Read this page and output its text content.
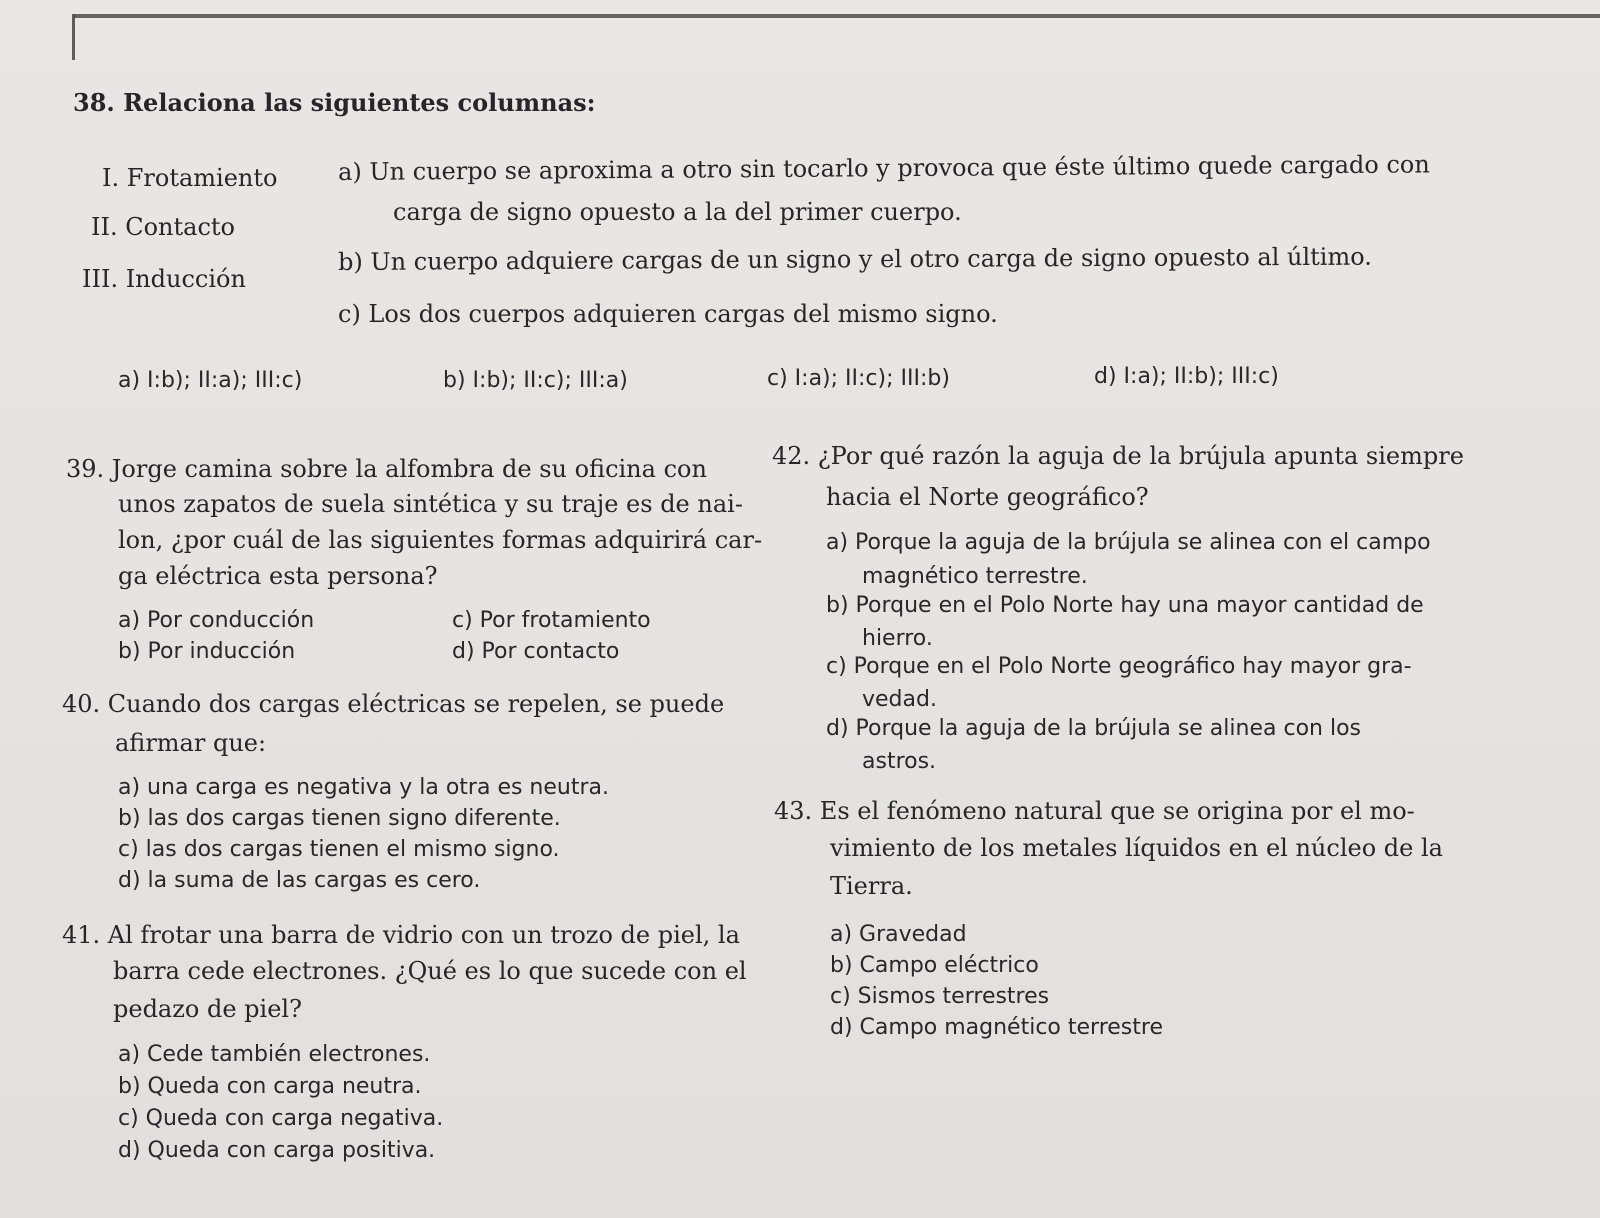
38. Relaciona las siguientes columnas:

I. Frotamiento

II. Contacto

III. Inducción

a) Un cuerpo se aproxima a otro sin tocarlo y provoca que éste último quede cargado con

carga de signo opuesto a la del primer cuerpo.

b) Un cuerpo adquiere cargas de un signo y el otro carga de signo opuesto al último.

c) Los dos cuerpos adquieren cargas del mismo signo.

a) I:b); II:a); III:c)	b) I:b); II:c); III:a)	c) I:a); II:c); III:b)	d) I:a); II:b); III:c)

39. Jorge camina sobre la alfombra de su oficina con

unos zapatos de suela sintética y su traje es de nai-

lon, ¿por cuál de las siguientes formas adquirirá car-

ga eléctrica esta persona?

a) Por conducción	c) Por frotamiento

b) Por inducción	d) Por contacto

40. Cuando dos cargas eléctricas se repelen, se puede

afirmar que:

a) una carga es negativa y la otra es neutra.

b) las dos cargas tienen signo diferente.

c) las dos cargas tienen el mismo signo.

d) la suma de las cargas es cero.

41. Al frotar una barra de vidrio con un trozo de piel, la

barra cede electrones. ¿Qué es lo que sucede con el

pedazo de piel?

a) Cede también electrones.

b) Queda con carga neutra.

c) Queda con carga negativa.

d) Queda con carga positiva.

42. ¿Por qué razón la aguja de la brújula apunta siempre

hacia el Norte geográfico?

a) Porque la aguja de la brújula se alinea con el campo

magnético terrestre.

b) Porque en el Polo Norte hay una mayor cantidad de

hierro.

c) Porque en el Polo Norte geográfico hay mayor gra-

vedad.

d) Porque la aguja de la brújula se alinea con los

astros.

43. Es el fenómeno natural que se origina por el mo-

vimiento de los metales líquidos en el núcleo de la

Tierra.

a) Gravedad

b) Campo eléctrico

c) Sismos terrestres

d) Campo magnético terrestre
